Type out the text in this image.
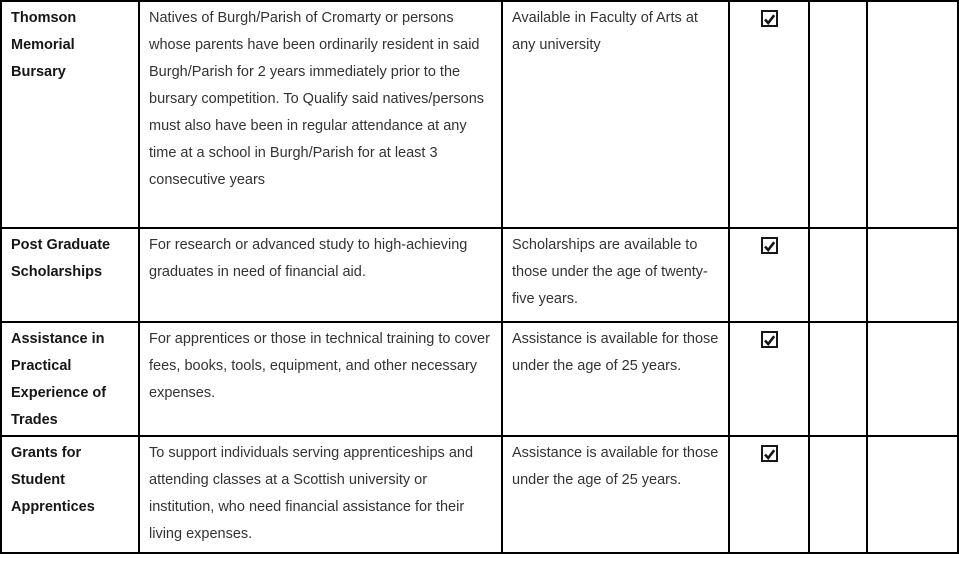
Thomson Memorial Bursary	Natives of Burgh/Parish of Cromarty or persons whose parents have been ordinarily resident in said Burgh/Parish for 2 years immediately prior to the bursary competition. To Qualify said natives/persons must also have been in regular attendance at any time at a school in Burgh/Parish for at least 3 consecutive years	Available in Faculty of Arts at any university	

Post Graduate Scholarships	For research or advanced study to high-achieving graduates in need of financial aid.	Scholarships are available to those under the age of twenty-five years.	

Assistance in Practical Experience of Trades	For apprentices or those in technical training to cover fees, books, tools, equipment, and other necessary expenses.	Assistance is available for those under the age of 25 years.	

Grants for Student Apprentices	To support individuals serving apprenticeships and attending classes at a Scottish university or institution, who need financial assistance for their living expenses.	Assistance is available for those under the age of 25 years.	
